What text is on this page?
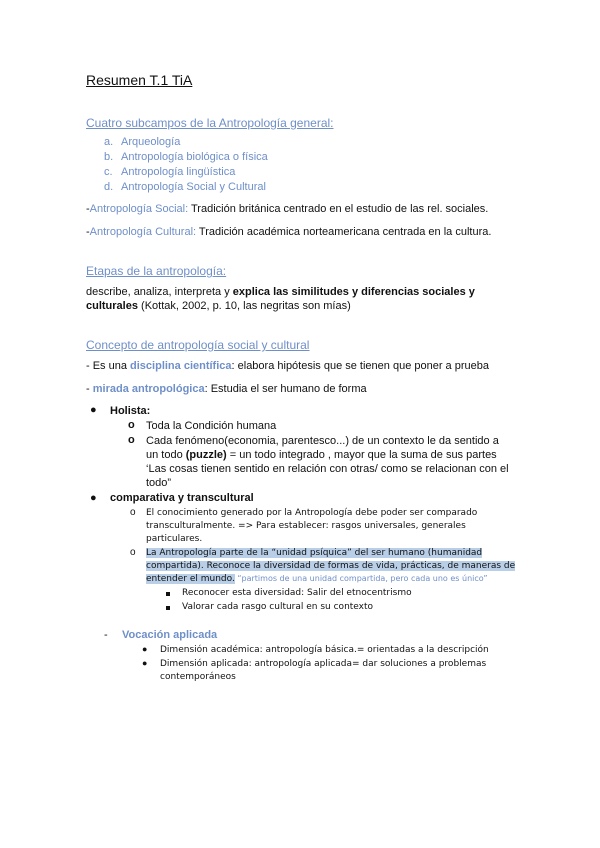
Resumen T.1 TiA
Cuatro subcampos de la Antropología general:
a. Arqueología
b. Antropología biológica o física
c. Antropología lingüística
d. Antropología Social y Cultural
-Antropología Social: Tradición británica centrado en el estudio de las rel. sociales.
-Antropología Cultural: Tradición académica norteamericana centrada en la cultura.
Etapas de la antropología:
describe, analiza, interpreta y explica las similitudes y diferencias sociales y
culturales (Kottak, 2002, p. 10, las negritas son mías)
Concepto de antropología social y cultural
- Es una disciplina científica: elabora hipótesis que se tienen que poner a prueba
- mirada antropológica: Estudia el ser humano de forma
● Holista:
o Toda la Condición humana
o Cada fenómeno(economia, parentesco...) de un contexto le da sentido a
un todo (puzzle) = un todo integrado , mayor que la suma de sus partes
‘Las cosas tienen sentido en relación con otras/ como se relacionan con el
todo”
● comparativa y transcultural
o El conocimiento generado por la Antropología debe poder ser comparado
transculturalmente. => Para establecer: rasgos universales, generales
particulares.
o La Antropología parte de la “unidad psíquica” del ser humano (humanidad
compartida). Reconoce la diversidad de formas de vida, prácticas, de maneras de
entender el mundo. “partimos de una unidad compartida, pero cada uno es único”
Reconocer esta diversidad: Salir del etnocentrismo
Valorar cada rasgo cultural en su contexto
- Vocación aplicada
● Dimensión académica: antropología básica.= orientadas a la descripción
● Dimensión aplicada: antropología aplicada= dar soluciones a problemas
contemporáneos
